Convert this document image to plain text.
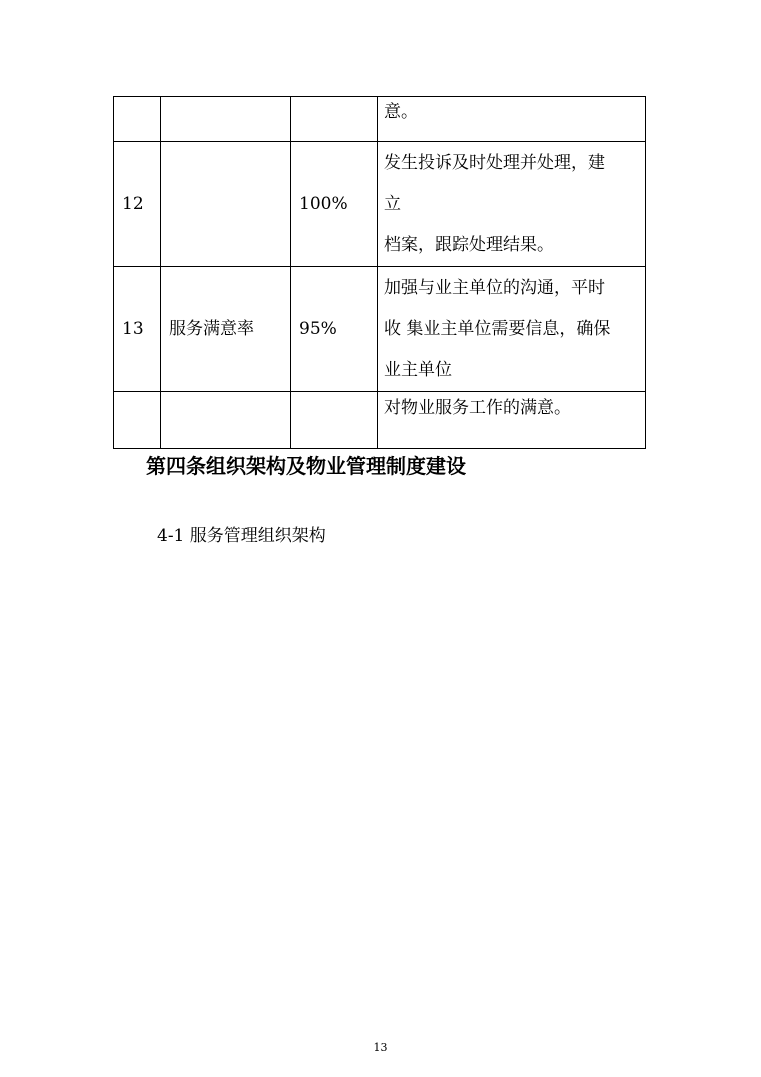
			意。

12		100%	发生投诉及时处理并处理，建
立
档案，跟踪处理结果。

13	服务满意率	95%	加强与业主单位的沟通，平时
收 集业主单位需要信息，确保
业主单位

			对物业服务工作的满意。
第四条组织架构及物业管理制度建设

4-1 服务管理组织架构

13
